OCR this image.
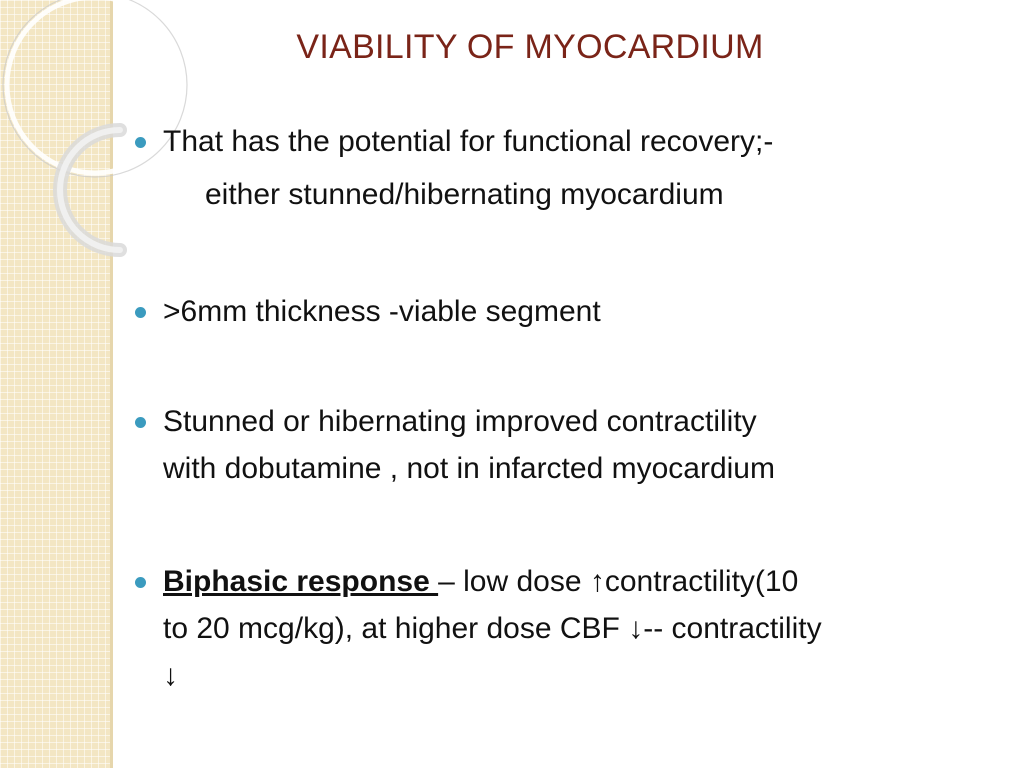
VIABILITY OF MYOCARDIUM
That has the potential for functional recovery;-
either stunned/hibernating myocardium
>6mm thickness -viable segment
Stunned or hibernating improved contractility
with dobutamine , not in infarcted myocardium
Biphasic response – low dose ↑contractility(10
to 20 mcg/kg), at higher dose CBF ↓-- contractility
↓
